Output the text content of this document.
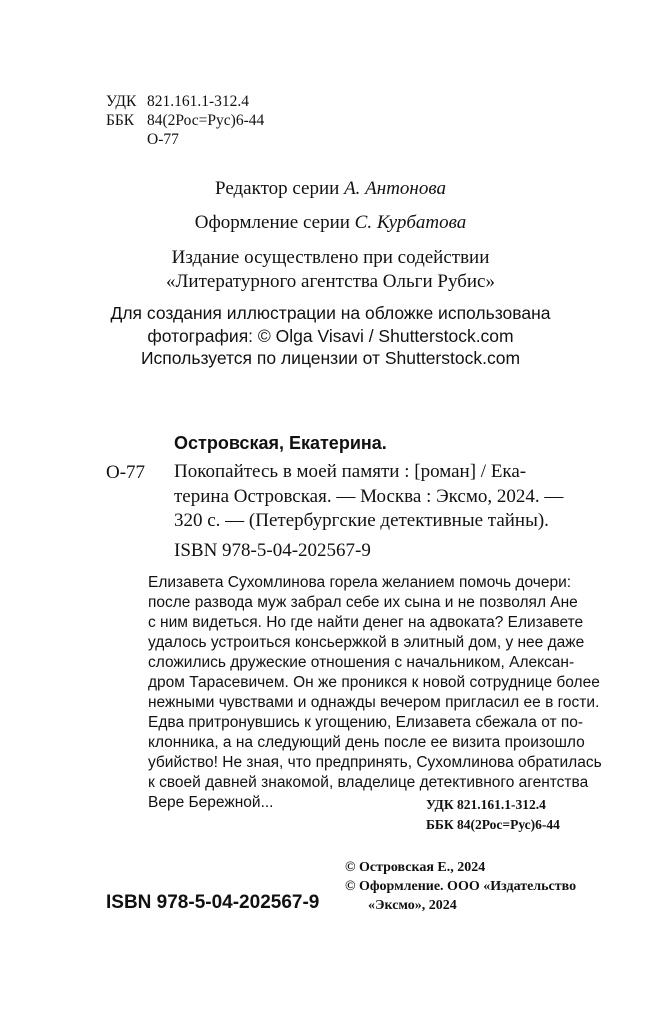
УДК 821.161.1-312.4
ББК 84(2Рос=Рус)6-44
О-77
Редактор серии А. Антонова
Оформление серии С. Курбатова
Издание осуществлено при содействии
«Литературного агентства Ольги Рубис»
Для создания иллюстрации на обложке использована
фотография: © Olga Visavi / Shutterstock.com
Используется по лицензии от Shutterstock.com
Островская, Екатерина.
О-77 Покопайтесь в моей памяти : [роман] / Ека-
терина Островская. — Москва : Эксмо, 2024. —
320 с. — (Петербургские детективные тайны).
ISBN 978-5-04-202567-9
Елизавета Сухомлинова горела желанием помочь дочери:
после развода муж забрал себе их сына и не позволял Ане
с ним видеться. Но где найти денег на адвоката? Елизавете
удалось устроиться консьержкой в элитный дом, у нее даже
сложились дружеские отношения с начальником, Алексан-
дром Тарасевичем. Он же проникся к новой сотруднице более
нежными чувствами и однажды вечером пригласил ее в гости.
Едва притронувшись к угощению, Елизавета сбежала от по-
клонника, а на следующий день после ее визита произошло
убийство! Не зная, что предпринять, Сухомлинова обратилась
к своей давней знакомой, владелице детективного агентства
Вере Бережной...	УДК 821.161.1-312.4
ББК 84(2Рос=Рус)6-44
© Островская Е., 2024
© Оформление. ООО «Издательство
«Эксмо», 2024
ISBN 978-5-04-202567-9
